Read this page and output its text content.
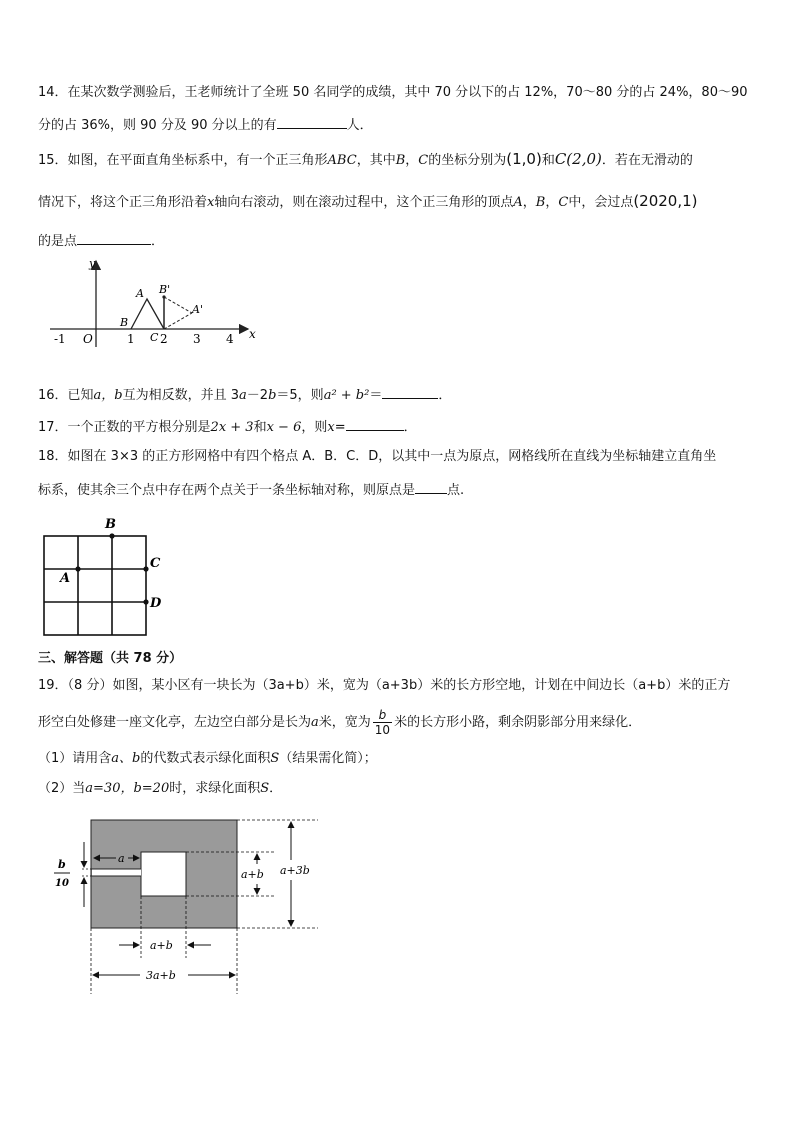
14．在某次数学测验后，王老师统计了全班 50 名同学的成绩，其中 70 分以下的占 12%，70～80 分的占 24%，80～90
分的占 36%，则 90 分及 90 分以上的有	人．
15．如图，在平面直角坐标系中，有一个正三角形ABC，其中B，C的坐标分别为(1,0)和C(2,0)．若在无滑动的
情况下，将这个正三角形沿着x轴向右滚动，则在滚动过程中，这个正三角形的顶点A，B，C中，会过点(2020,1)
的是点	．
x
y
-1 O	1 2 3 4
A
B
C
B'
A'
16．已知a，b互为相反数，并且 3a－2b＝5，则a² + b²＝	．
17．一个正数的平方根分别是2x + 3和x − 6，则x=	．
18．如图在 3×3 的正方形网格中有四个格点 A．B．C．D，以其中一点为原点，网格线所在直线为坐标轴建立直角坐
标系，使其余三个点中存在两个点关于一条坐标轴对称，则原点是 点.
B
A
C
D
三、解答题（共 78 分）
19．（8 分）如图，某小区有一块长为（3a+b）米，宽为（a+3b）米的长方形空地，计划在中间边长（a+b）米的正方
形空白处修建一座文化亭，左边空白部分是长为a米，宽为 $\frac{b}{10}$ 米的长方形小路，剩余阴影部分用来绿化．
（1）请用含a、b的代数式表示绿化面积S（结果需化简）；
（2）当a=30，b=20时，求绿化面积S．
a
b
10
a+b a+3b
a+b
3a+b
